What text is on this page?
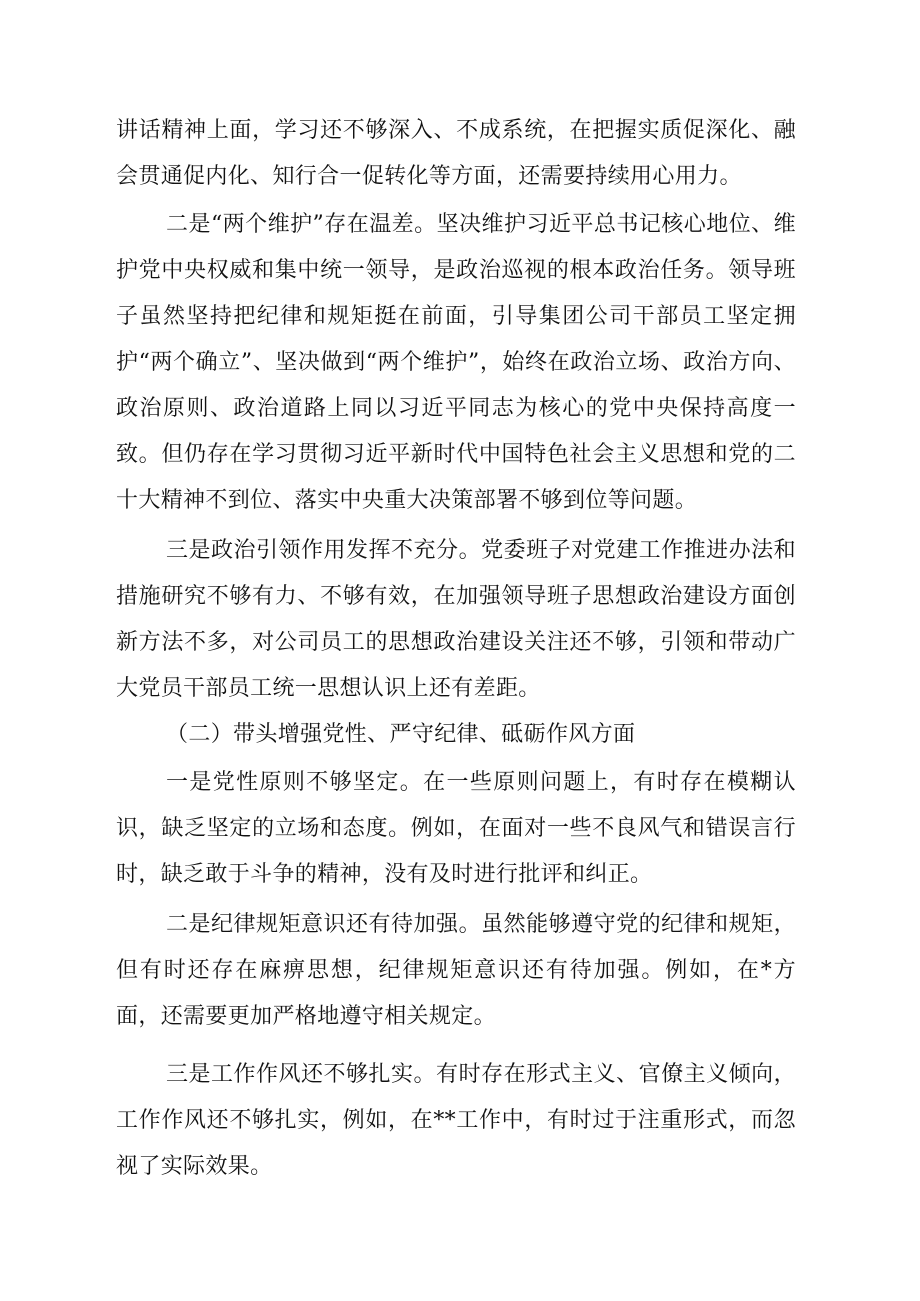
讲话精神上面，学习还不够深入、不成系统，在把握实质促深化、融会贯通促内化、知行合一促转化等方面，还需要持续用心用力。

二是“两个维护”存在温差。坚决维护习近平总书记核心地位、维护党中央权威和集中统一领导，是政治巡视的根本政治任务。领导班子虽然坚持把纪律和规矩挺在前面，引导集团公司干部员工坚定拥护“两个确立”、坚决做到“两个维护”，始终在政治立场、政治方向、政治原则、政治道路上同以习近平同志为核心的党中央保持高度一致。但仍存在学习贯彻习近平新时代中国特色社会主义思想和党的二十大精神不到位、落实中央重大决策部署不够到位等问题。

三是政治引领作用发挥不充分。党委班子对党建工作推进办法和措施研究不够有力、不够有效，在加强领导班子思想政治建设方面创新方法不多，对公司员工的思想政治建设关注还不够，引领和带动广大党员干部员工统一思想认识上还有差距。

（二）带头增强党性、严守纪律、砥砺作风方面

一是党性原则不够坚定。在一些原则问题上，有时存在模糊认识，缺乏坚定的立场和态度。例如，在面对一些不良风气和错误言行时，缺乏敢于斗争的精神，没有及时进行批评和纠正。

二是纪律规矩意识还有待加强。虽然能够遵守党的纪律和规矩，但有时还存在麻痹思想，纪律规矩意识还有待加强。例如，在*方面，还需要更加严格地遵守相关规定。

三是工作作风还不够扎实。有时存在形式主义、官僚主义倾向，工作作风还不够扎实，例如，在**工作中，有时过于注重形式，而忽视了实际效果。
